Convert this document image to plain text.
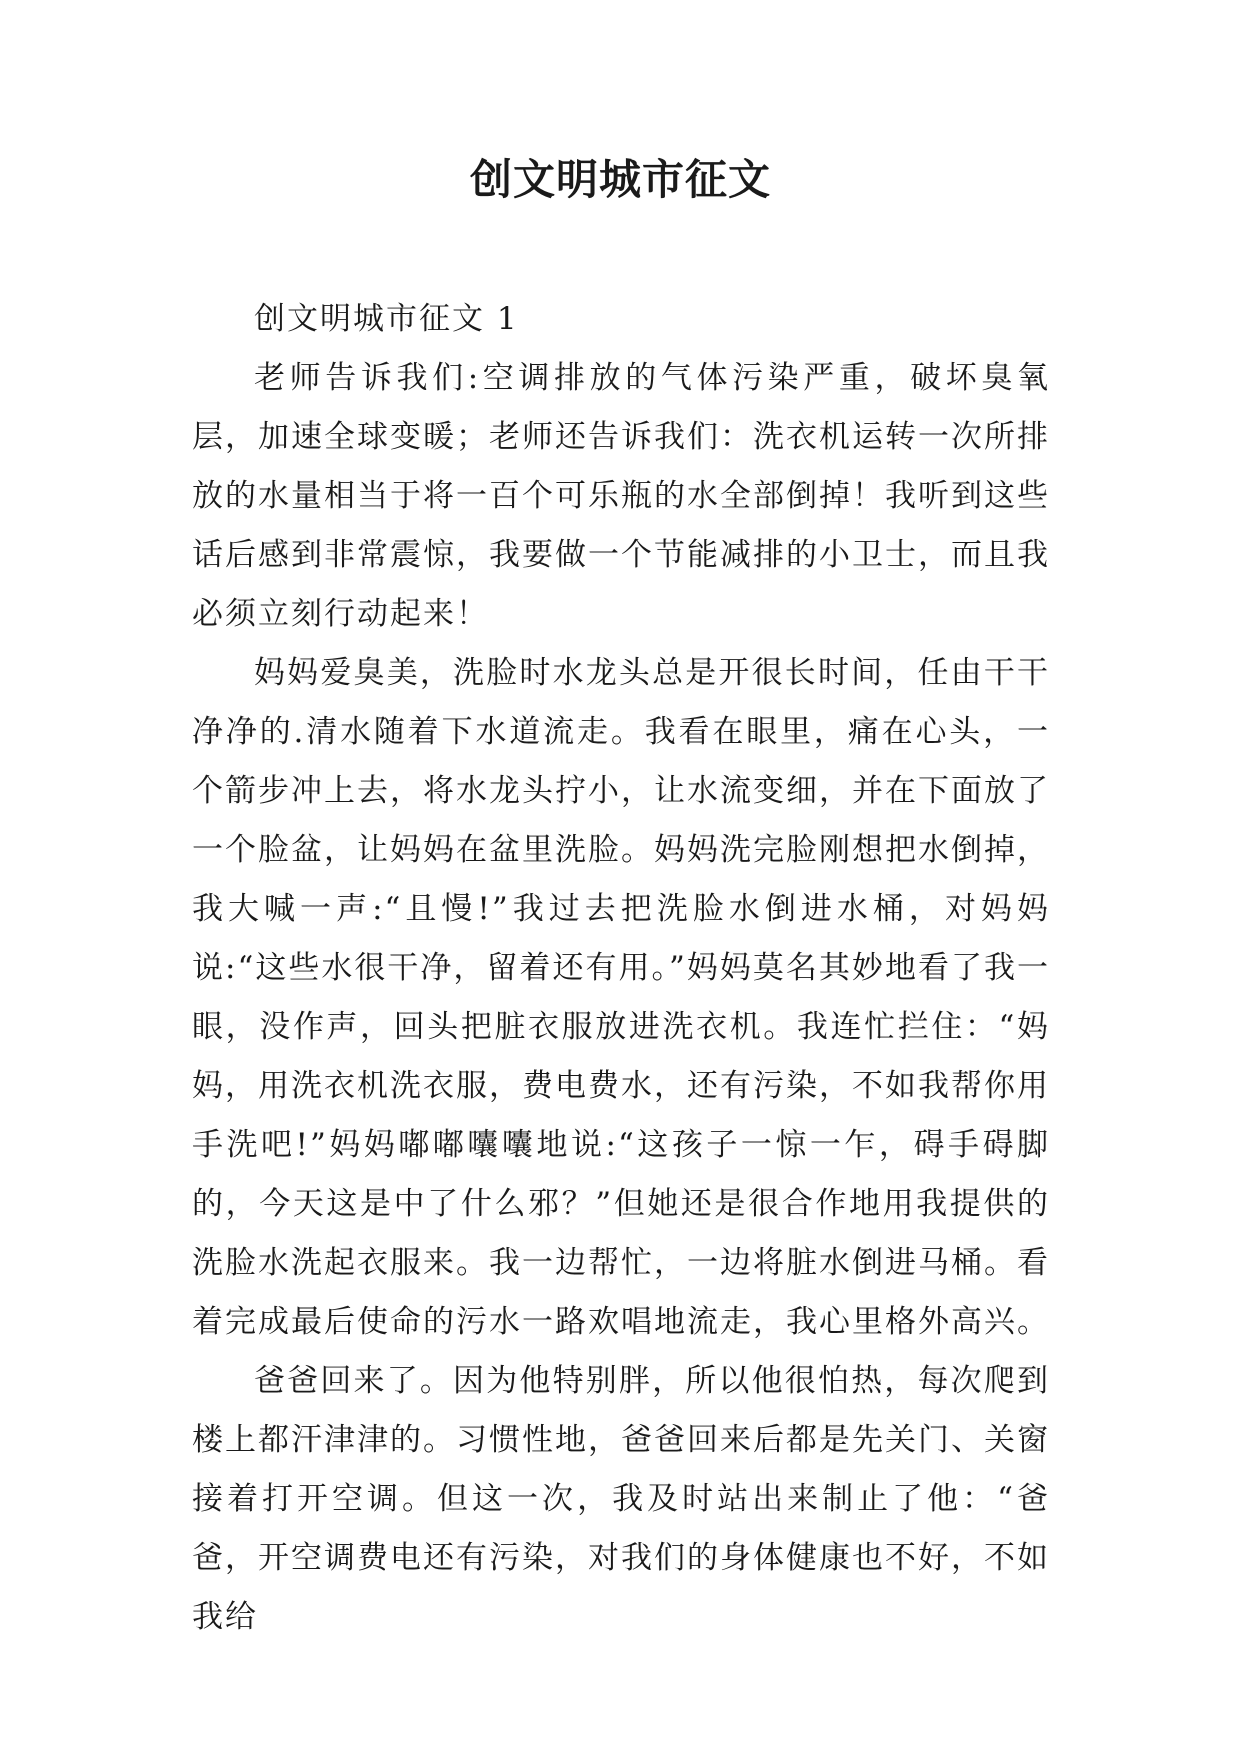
创文明城市征文

创文明城市征文 1

老师告诉我们:空调排放的气体污染严重，破坏臭氧层，加速全球变暖；老师还告诉我们：洗衣机运转一次所排放的水量相当于将一百个可乐瓶的水全部倒掉！我听到这些话后感到非常震惊，我要做一个节能减排的小卫士，而且我必须立刻行动起来！

妈妈爱臭美，洗脸时水龙头总是开很长时间，任由干干净净的.清水随着下水道流走。我看在眼里，痛在心头，一个箭步冲上去，将水龙头拧小，让水流变细，并在下面放了一个脸盆，让妈妈在盆里洗脸。妈妈洗完脸刚想把水倒掉，我大喊一声:“且慢!”我过去把洗脸水倒进水桶，对妈妈说:“这些水很干净，留着还有用。”妈妈莫名其妙地看了我一眼，没作声，回头把脏衣服放进洗衣机。我连忙拦住：“妈妈，用洗衣机洗衣服，费电费水，还有污染，不如我帮你用手洗吧!”妈妈嘟嘟囔囔地说:“这孩子一惊一乍，碍手碍脚的，今天这是中了什么邪？”但她还是很合作地用我提供的洗脸水洗起衣服来。我一边帮忙，一边将脏水倒进马桶。看着完成最后使命的污水一路欢唱地流走，我心里格外高兴。

爸爸回来了。因为他特别胖，所以他很怕热，每次爬到楼上都汗津津的。习惯性地，爸爸回来后都是先关门、关窗接着打开空调。但这一次，我及时站出来制止了他：“爸爸，开空调费电还有污染，对我们的身体健康也不好，不如我给
